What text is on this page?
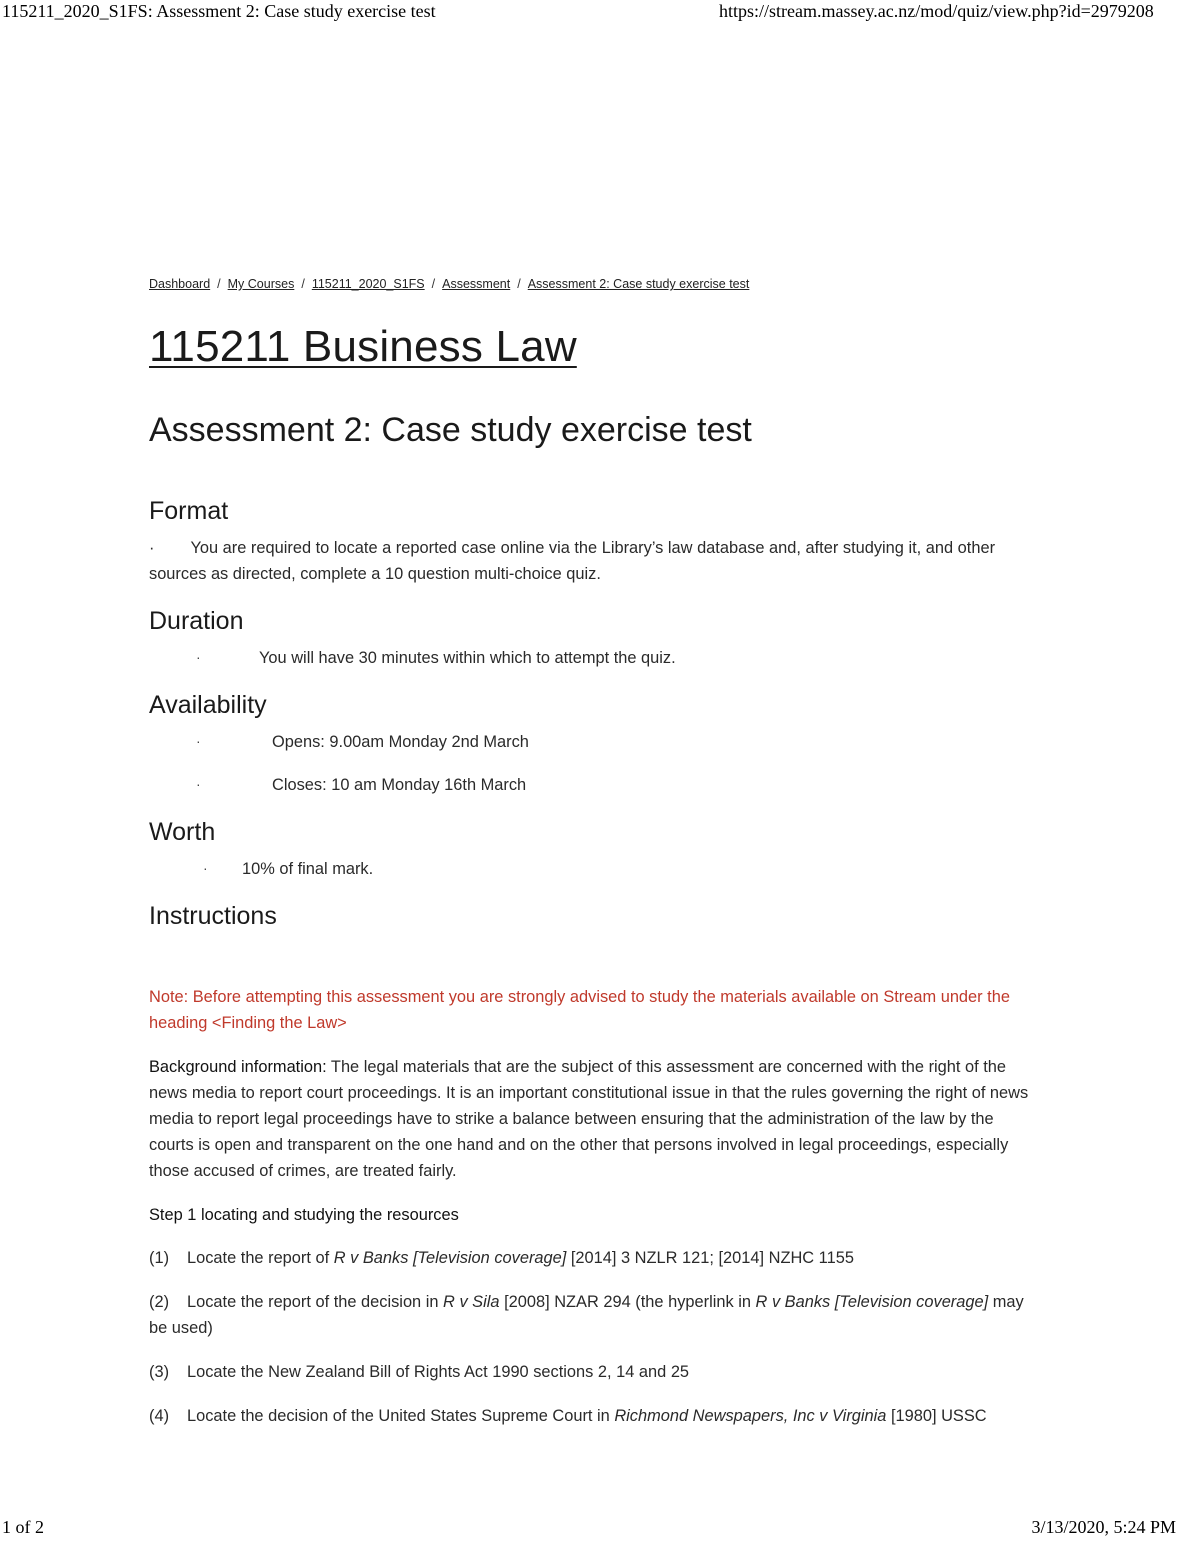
115211_2020_S1FS: Assessment 2: Case study exercise test	https://stream.massey.ac.nz/mod/quiz/view.php?id=2979208
Dashboard / My Courses / 115211_2020_S1FS / Assessment / Assessment 2: Case study exercise test
115211 Business Law
Assessment 2: Case study exercise test
Format

· You are required to locate a reported case online via the Library’s law database and, after studying it, and other sources as directed, complete a 10 question multi-choice quiz.

Duration
·	You will have 30 minutes within which to attempt the quiz.
Availability
·	Opens: 9.00am Monday 2nd March
·	Closes: 10 am Monday 16th March
Worth
· 10% of final mark.
Instructions

Note: Before attempting this assessment you are strongly advised to study the materials available on Stream under the heading <Finding the Law>

Background information: The legal materials that are the subject of this assessment are concerned with the right of the news media to report court proceedings. It is an important constitutional issue in that the rules governing the right of news media to report legal proceedings have to strike a balance between ensuring that the administration of the law by the courts is open and transparent on the one hand and on the other that persons involved in legal proceedings, especially those accused of crimes, are treated fairly.

Step 1 locating and studying the resources

(1) Locate the report of R v Banks [Television coverage] [2014] 3 NZLR 121; [2014] NZHC 1155

(2) Locate the report of the decision in R v Sila [2008] NZAR 294 (the hyperlink in R v Banks [Television coverage] may be used)

(3) Locate the New Zealand Bill of Rights Act 1990 sections 2, 14 and 25

(4) Locate the decision of the United States Supreme Court in Richmond Newspapers, Inc v Virginia [1980] USSC

1 of 2	3/13/2020, 5:24 PM
